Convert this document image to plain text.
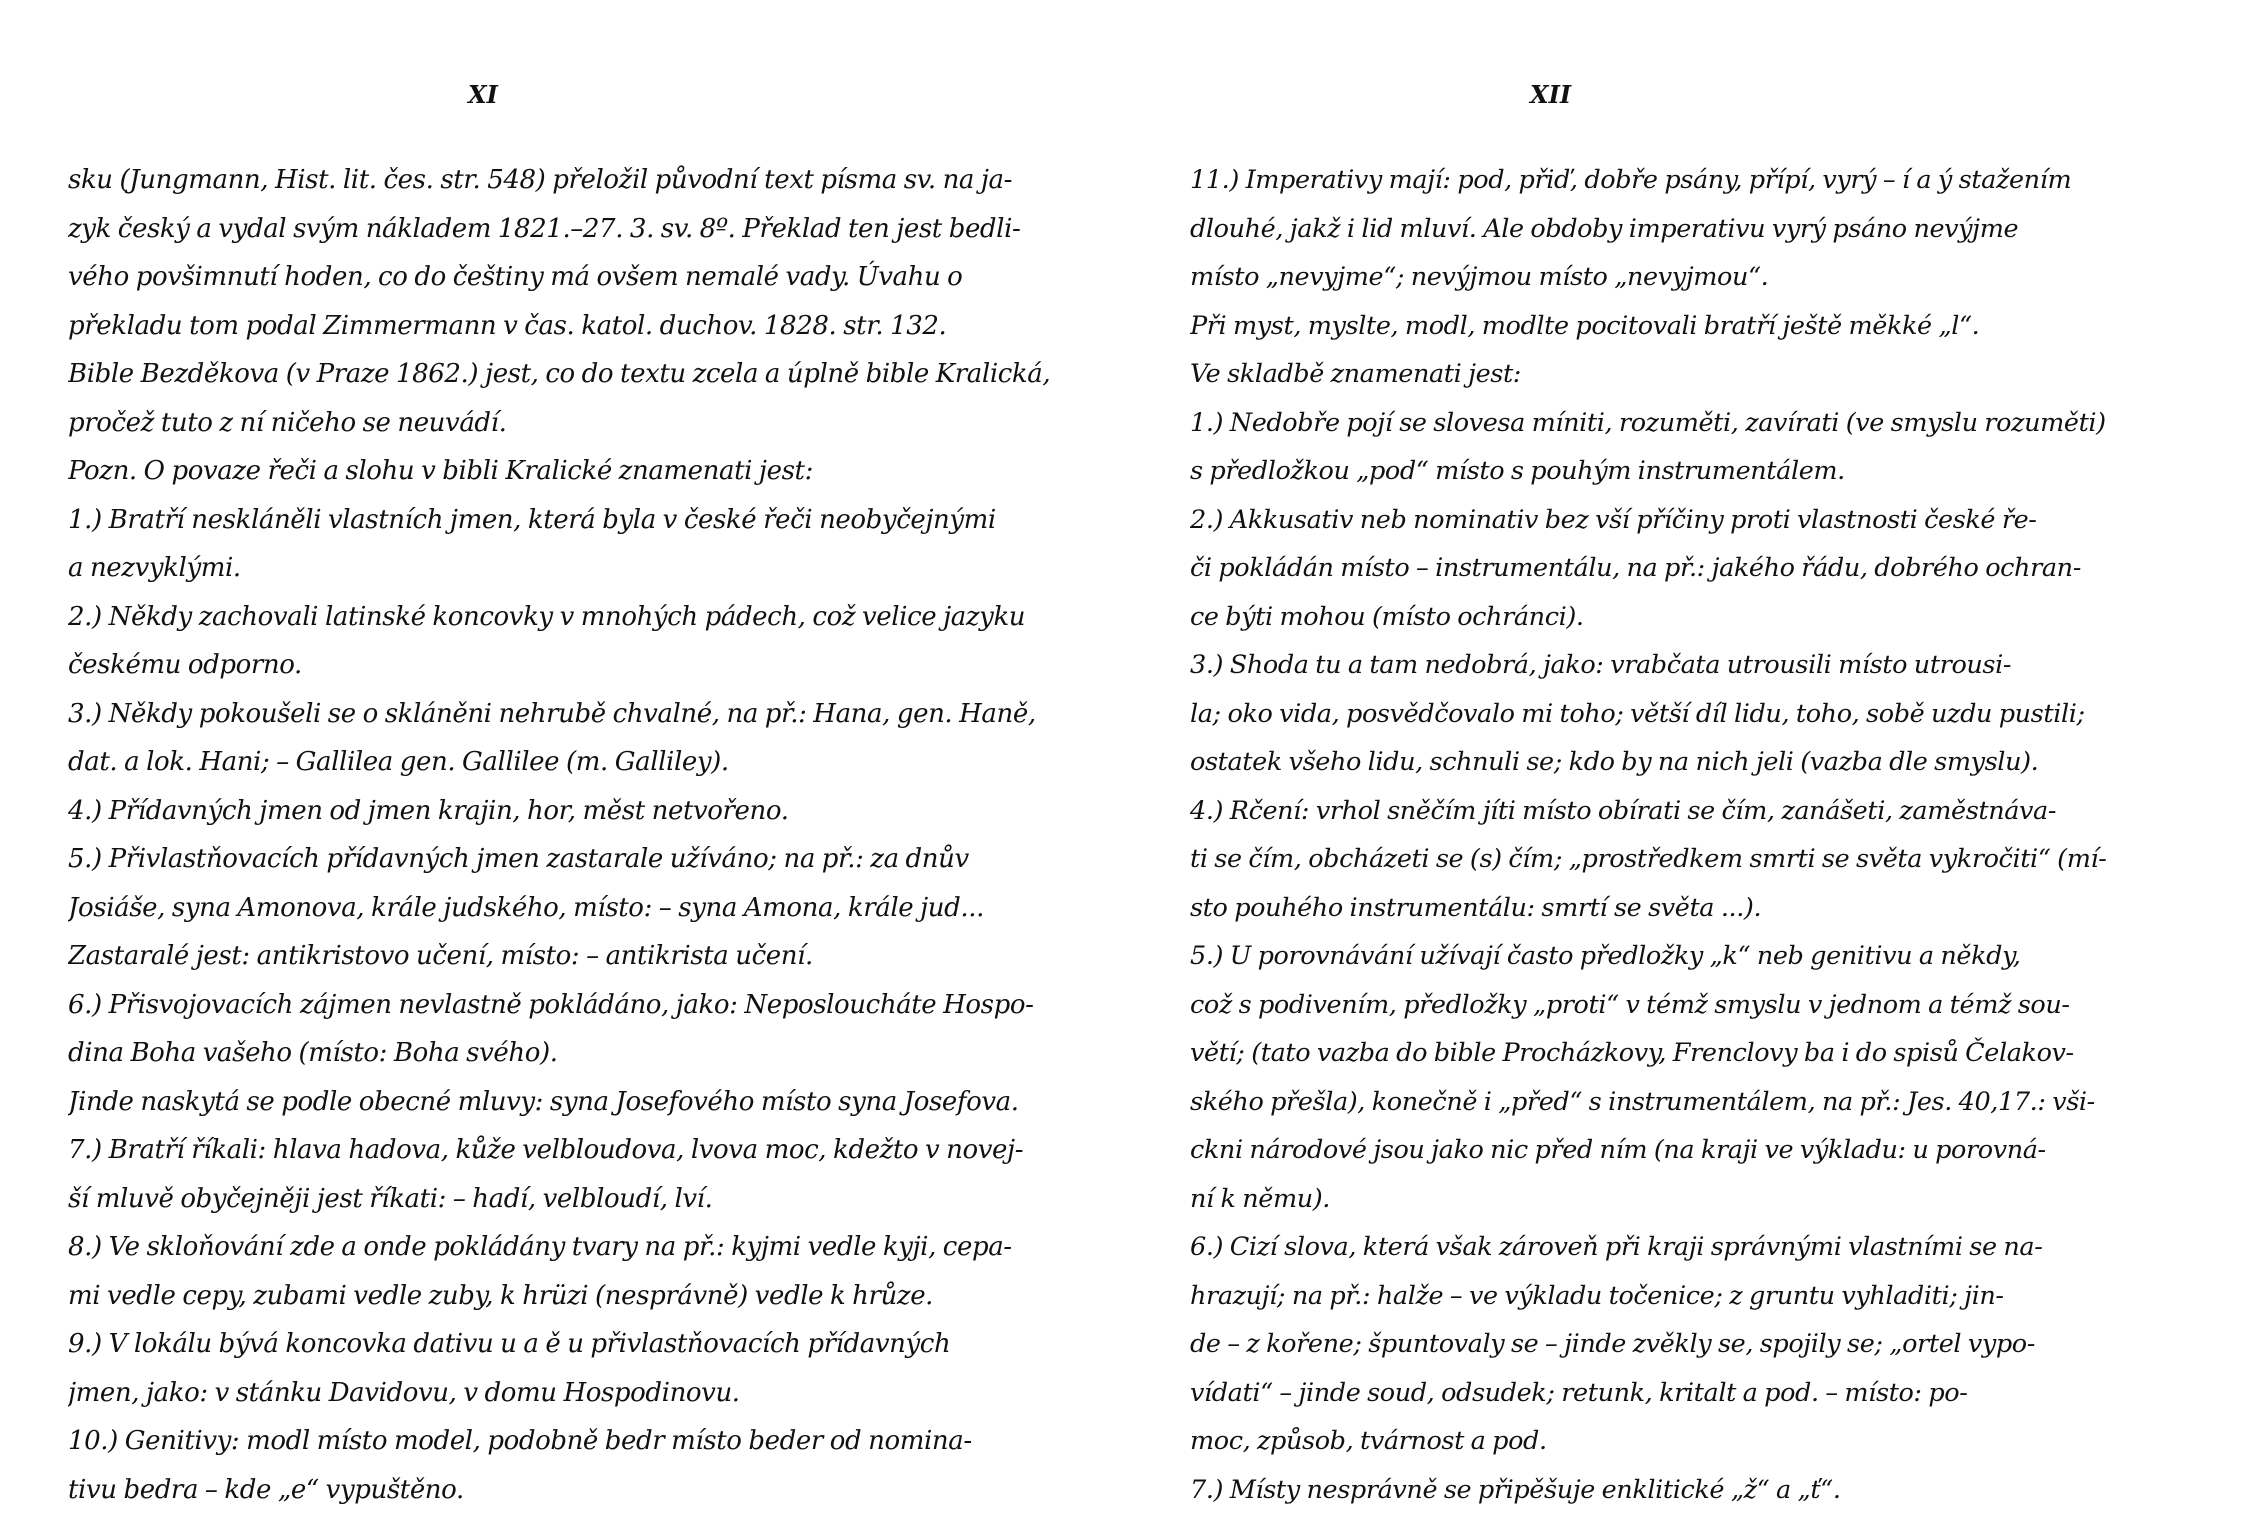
XI
sku (Jungmann, Hist. lit. čes. str. 548) přeložil původní text písma sv. na ja-
zyk český a vydal svým nákladem 1821.–27. 3. sv. 8º. Překlad ten jest bedli-
vého povšimnutí hoden, co do češtiny má ovšem nemalé vady. Úvahu o
překladu tom podal Zimmermann v čas. katol. duchov. 1828. str. 132.
Bible Bezděkova (v Praze 1862.) jest, co do textu zcela a úplně bible Kralická,
pročež tuto z ní ničeho se neuvádí.
Pozn. O povaze řeči a slohu v bibli Kralické znamenati jest:
1.) Bratří neskláněli vlastních jmen, která byla v české řeči neobyčejnými
a nezvyklými.
2.) Někdy zachovali latinské koncovky v mnohých pádech, což velice jazyku
českému odporno.
3.) Někdy pokoušeli se o skláněni nehrubě chvalné, na př.: Hana, gen. Haně,
dat. a lok. Hani; – Gallilea gen. Gallilee (m. Galliley).
4.) Přídavných jmen od jmen krajin, hor, měst netvořeno.
5.) Přivlastňovacích přídavných jmen zastarale užíváno; na př.: za dnův
Josiáše, syna Amonova, krále judského, místo: – syna Amona, krále jud...
Zastaralé jest: antikristovo učení, místo: – antikrista učení.
6.) Přisvojovacích zájmen nevlastně pokládáno, jako: Neposloucháte Hospo-
dina Boha vašeho (místo: Boha svého).
Jinde naskytá se podle obecné mluvy: syna Josefového místo syna Josefova.
7.) Bratří říkali: hlava hadova, kůže velbloudova, lvova moc, kdežto v novej-
ší mluvě obyčejněji jest říkati: – hadí, velbloudí, lví.
8.) Ve skloňování zde a onde pokládány tvary na př.: kyjmi vedle kyji, cepa-
mi vedle cepy, zubami vedle zuby, k hrüzi (nesprávně) vedle k hrůze.
9.) V lokálu bývá koncovka dativu u a ě u přivlastňovacích přídavných
jmen, jako: v stánku Davidovu, v domu Hospodinovu.
10.) Genitivy: modl místo model, podobně bedr místo beder od nomina-
tivu bedra – kde „e“ vypuštěno.
XII
11.) Imperativy mají: pod, přiď, dobře psány, přípí, vyrý – í a ý stažením
dlouhé, jakž i lid mluví. Ale obdoby imperativu vyrý psáno nevýjme
místo „nevyjme“; nevýjmou místo „nevyjmou“.
Při myst, myslte, modl, modlte pocitovali bratří ještě měkké „l“.
Ve skladbě znamenati jest:
1.) Nedobře pojí se slovesa míniti, rozuměti, zavírati (ve smyslu rozuměti)
s předložkou „pod“ místo s pouhým instrumentálem.
2.) Akkusativ neb nominativ bez vší příčiny proti vlastnosti české ře-
či pokládán místo – instrumentálu, na př.: jakého řádu, dobrého ochran-
ce býti mohou (místo ochránci).
3.) Shoda tu a tam nedobrá, jako: vrabčata utrousili místo utrousi-
la; oko vida, posvědčovalo mi toho; větší díl lidu, toho, sobě uzdu pustili;
ostatek všeho lidu, schnuli se; kdo by na nich jeli (vazba dle smyslu).
4.) Rčení: vrhol sněčím jíti místo obírati se čím, zanášeti, zaměstnáva-
ti se čím, obcházeti se (s) čím; „prostředkem smrti se světa vykročiti“ (mí-
sto pouhého instrumentálu: smrtí se světa ...).
5.) U porovnávání užívají často předložky „k“ neb genitivu a někdy,
což s podivením, předložky „proti“ v témž smyslu v jednom a témž sou-
větí; (tato vazba do bible Procházkovy, Frenclovy ba i do spisů Čelakov-
ského přešla), konečně i „před“ s instrumentálem, na př.: Jes. 40,17.: vši-
ckni národové jsou jako nic před ním (na kraji ve výkladu: u porovná-
ní k němu).
6.) Cizí slova, která však zároveň při kraji správnými vlastními se na-
hrazují; na př.: halže – ve výkladu točenice; z gruntu vyhladiti; jin-
de – z kořene; špuntovaly se – jinde zvěkly se, spojily se; „ortel vypo-
vídati“ – jinde soud, odsudek; retunk, kritalt a pod. – místo: po-
moc, způsob, tvárnost a pod.
7.) Místy nesprávně se připěšuje enklitické „ž“ a „ť“.
